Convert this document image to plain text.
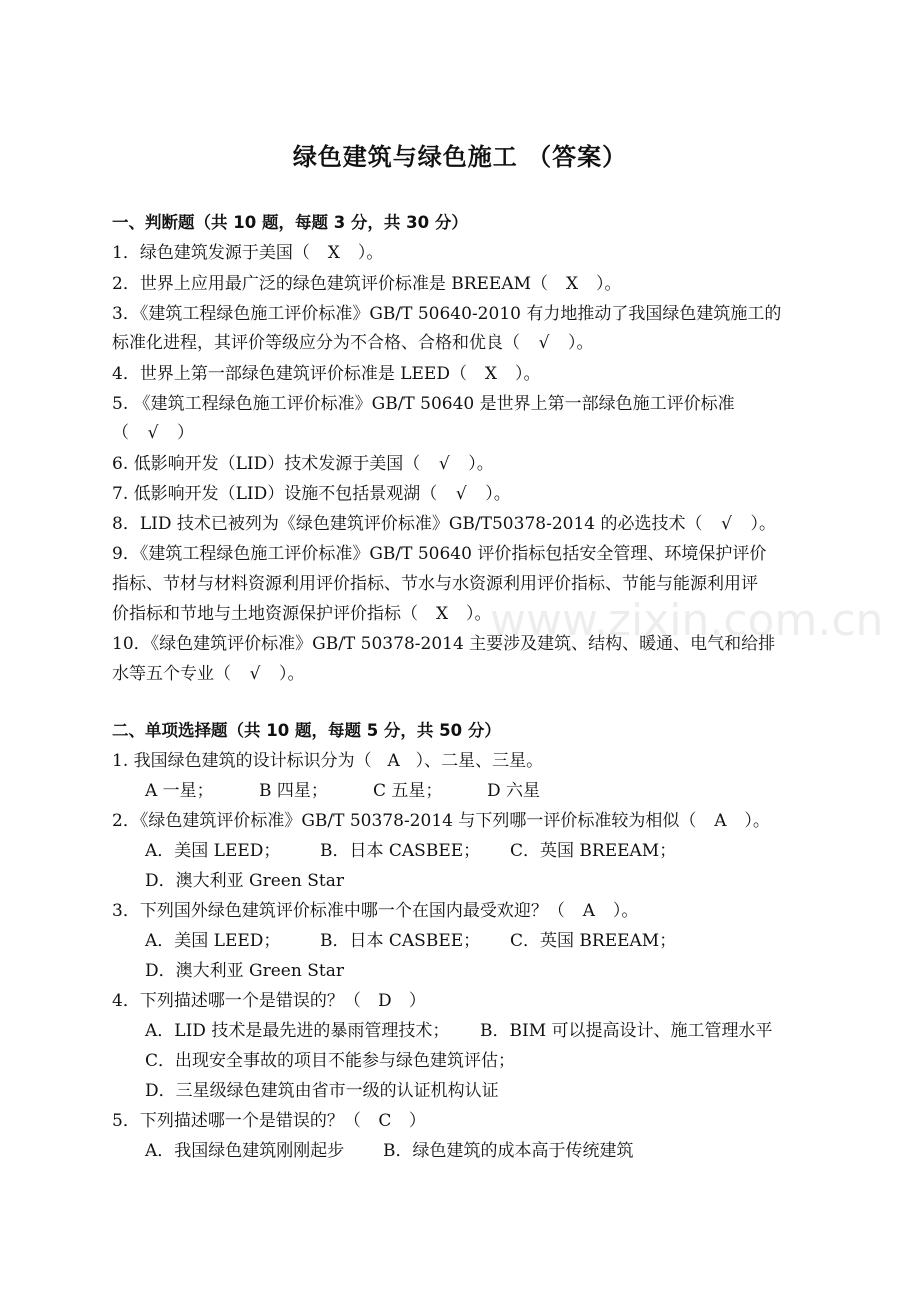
www.zixin.com.cn
绿色建筑与绿色施工 （答案）
一、判断题（共 10 题，每题 3 分，共 30 分）
1．绿色建筑发源于美国（ X ）。
2．世界上应用最广泛的绿色建筑评价标准是 BREEAM（ X ）。
3．《建筑工程绿色施工评价标准》GB/T 50640-2010 有力地推动了我国绿色建筑施工的
标准化进程，其评价等级应分为不合格、合格和优良（ √ ）。
4．世界上第一部绿色建筑评价标准是 LEED（ X ）。
5. 《建筑工程绿色施工评价标准》GB/T 50640 是世界上第一部绿色施工评价标准
（ √ ）
6. 低影响开发（LID）技术发源于美国（ √ ）。
7. 低影响开发（LID）设施不包括景观湖（ √ ）。
8．LID 技术已被列为《绿色建筑评价标准》GB/T50378-2014 的必选技术（ √ ）。
9．《建筑工程绿色施工评价标准》GB/T 50640 评价指标包括安全管理、环境保护评价
指标、节材与材料资源利用评价指标、节水与水资源利用评价指标、节能与能源利用评
价指标和节地与土地资源保护评价指标（ X ）。
10．《绿色建筑评价标准》GB/T 50378-2014 主要涉及建筑、结构、暖通、电气和给排
水等五个专业（ √ ）。
二、单项选择题（共 10 题，每题 5 分，共 50 分）
1. 我国绿色建筑的设计标识分为（ A ）、二星、三星。
A 一星；	B 四星；	C 五星；	D 六星
2．《绿色建筑评价标准》GB/T 50378-2014 与下列哪一评价标准较为相似（ A ）。
A．美国 LEED； B．日本 CASBEE； C．英国 BREEAM；
D．澳大利亚 Green Star
3．下列国外绿色建筑评价标准中哪一个在国内最受欢迎？（ A ）。
A．美国 LEED； B．日本 CASBEE； C．英国 BREEAM；
D．澳大利亚 Green Star
4．下列描述哪一个是错误的？（ D ）
A．LID 技术是最先进的暴雨管理技术； B．BIM 可以提高设计、施工管理水平
C．出现安全事故的项目不能参与绿色建筑评估；
D．三星级绿色建筑由省市一级的认证机构认证
5．下列描述哪一个是错误的？（ C ）
A．我国绿色建筑刚刚起步 B．绿色建筑的成本高于传统建筑
